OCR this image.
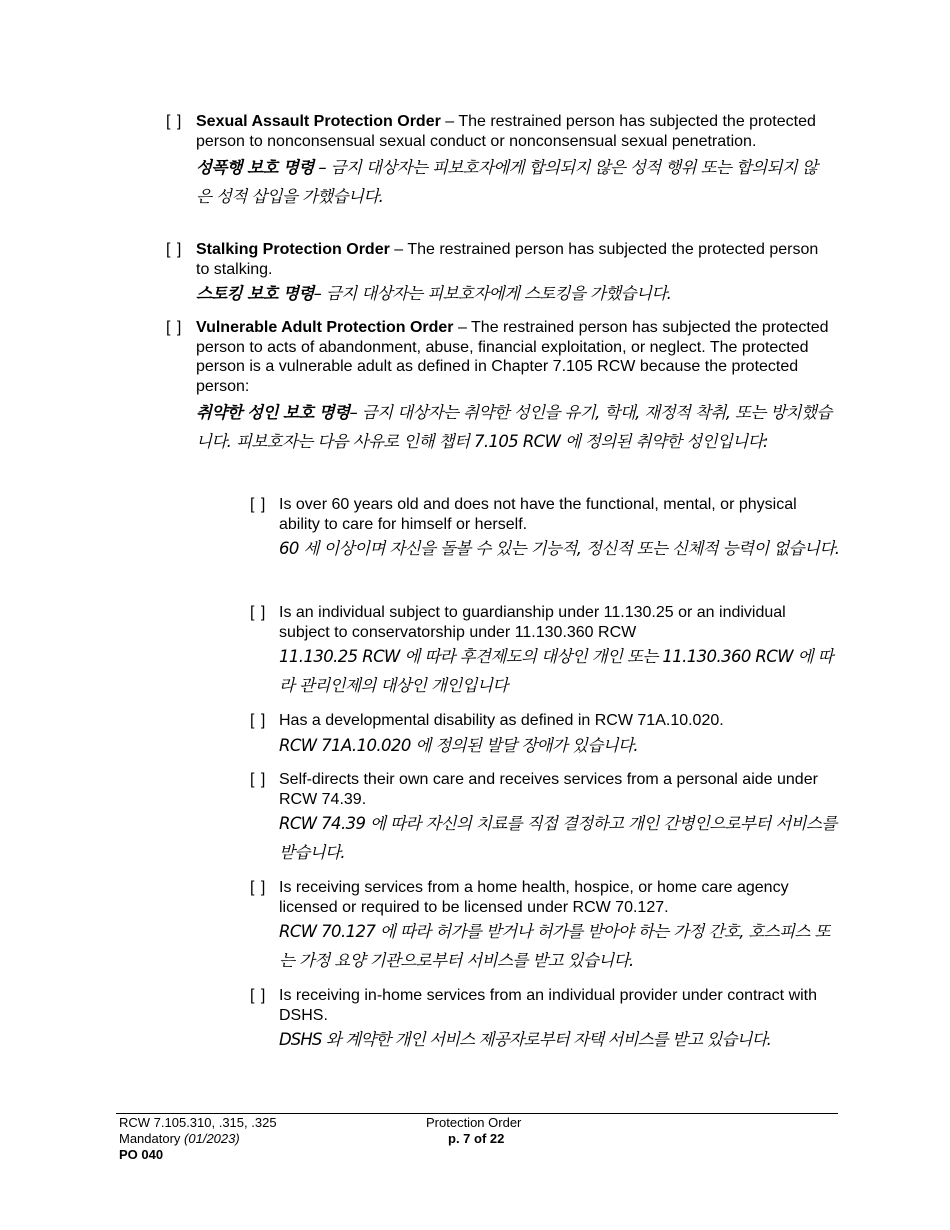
[ ] Sexual Assault Protection Order – The restrained person has subjected the protected person to nonconsensual sexual conduct or nonconsensual sexual penetration.
성폭행 보호 명령 – 금지 대상자는 피보호자에게 합의되지 않은 성적 행위 또는 합의되지 않은 성적 삽입을 가했습니다.
[ ] Stalking Protection Order – The restrained person has subjected the protected person to stalking.
스토킹 보호 명령– 금지 대상자는 피보호자에게 스토킹을 가했습니다.
[ ] Vulnerable Adult Protection Order – The restrained person has subjected the protected person to acts of abandonment, abuse, financial exploitation, or neglect. The protected person is a vulnerable adult as defined in Chapter 7.105 RCW because the protected person:
취약한 성인 보호 명령– 금지 대상자는 취약한 성인을 유기, 학대, 재정적 착취, 또는 방치했습니다. 피보호자는 다음 사유로 인해 챕터 7.105 RCW 에 정의된 취약한 성인입니다:
[ ] Is over 60 years old and does not have the functional, mental, or physical ability to care for himself or herself.
60 세 이상이며 자신을 돌볼 수 있는 기능적, 정신적 또는 신체적 능력이 없습니다.
[ ] Is an individual subject to guardianship under 11.130.25 or an individual subject to conservatorship under 11.130.360 RCW
11.130.25 RCW 에 따라 후견제도의 대상인 개인 또는 11.130.360 RCW 에 따라 관리인제의 대상인 개인입니다
[ ] Has a developmental disability as defined in RCW 71A.10.020.
RCW 71A.10.020 에 정의된 발달 장애가 있습니다.
[ ] Self-directs their own care and receives services from a personal aide under RCW 74.39.
RCW 74.39 에 따라 자신의 치료를 직접 결정하고 개인 간병인으로부터 서비스를 받습니다.
[ ] Is receiving services from a home health, hospice, or home care agency licensed or required to be licensed under RCW 70.127.
RCW 70.127 에 따라 허가를 받거나 허가를 받아야 하는 가정 간호, 호스피스 또는 가정 요양 기관으로부터 서비스를 받고 있습니다.
[ ] Is receiving in-home services from an individual provider under contract with DSHS.
DSHS 와 계약한 개인 서비스 제공자로부터 자택 서비스를 받고 있습니다.
RCW 7.105.310, .315, .325
Mandatory (01/2023)
PO 040
Protection Order
p. 7 of 22
